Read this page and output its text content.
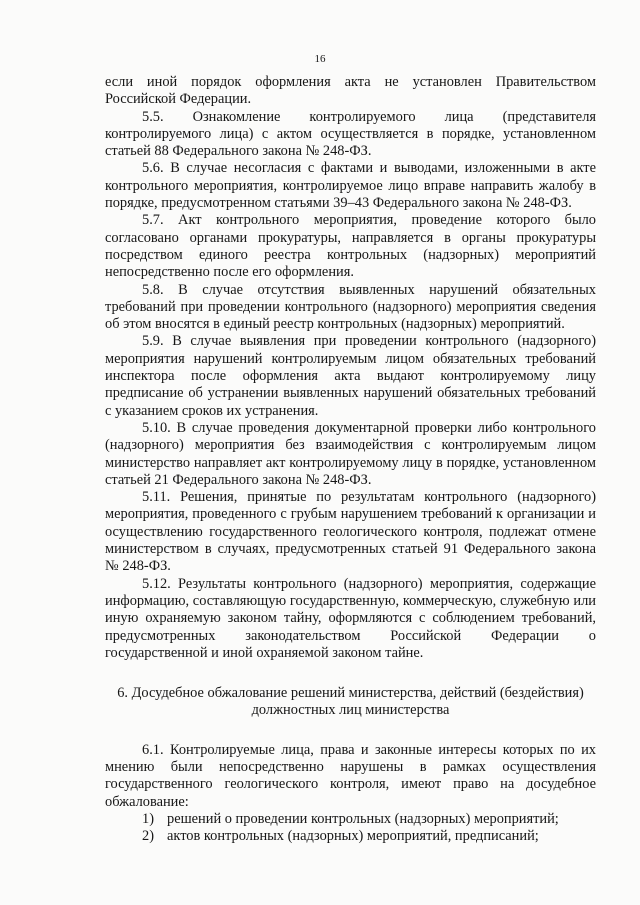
16

если иной порядок оформления акта не установлен Правительством Российской Федерации.

5.5. Ознакомление контролируемого лица (представителя контролируемого лица) с актом осуществляется в порядке, установленном статьей 88 Федерального закона № 248-ФЗ.

5.6. В случае несогласия с фактами и выводами, изложенными в акте контрольного мероприятия, контролируемое лицо вправе направить жалобу в порядке, предусмотренном статьями 39–43 Федерального закона № 248-ФЗ.

5.7. Акт контрольного мероприятия, проведение которого было согласовано органами прокуратуры, направляется в органы прокуратуры посредством единого реестра контрольных (надзорных) мероприятий непосредственно после его оформления.

5.8. В случае отсутствия выявленных нарушений обязательных требований при проведении контрольного (надзорного) мероприятия сведения об этом вносятся в единый реестр контрольных (надзорных) мероприятий.

5.9. В случае выявления при проведении контрольного (надзорного) мероприятия нарушений контролируемым лицом обязательных требований инспектора после оформления акта выдают контролируемому лицу предписание об устранении выявленных нарушений обязательных требований с указанием сроков их устранения.

5.10. В случае проведения документарной проверки либо контрольного (надзорного) мероприятия без взаимодействия с контролируемым лицом министерство направляет акт контролируемому лицу в порядке, установленном статьей 21 Федерального закона № 248-ФЗ.

5.11. Решения, принятые по результатам контрольного (надзорного) мероприятия, проведенного с грубым нарушением требований к организации и осуществлению государственного геологического контроля, подлежат отмене министерством в случаях, предусмотренных статьей 91 Федерального закона № 248-ФЗ.

5.12. Результаты контрольного (надзорного) мероприятия, содержащие информацию, составляющую государственную, коммерческую, служебную или иную охраняемую законом тайну, оформляются с соблюдением требований, предусмотренных законодательством Российской Федерации о государственной и иной охраняемой законом тайне.

6. Досудебное обжалование решений министерства, действий (бездействия) должностных лиц министерства

6.1. Контролируемые лица, права и законные интересы которых по их мнению были непосредственно нарушены в рамках осуществления государственного геологического контроля, имеют право на досудебное обжалование:

1) решений о проведении контрольных (надзорных) мероприятий;
2) актов контрольных (надзорных) мероприятий, предписаний;
